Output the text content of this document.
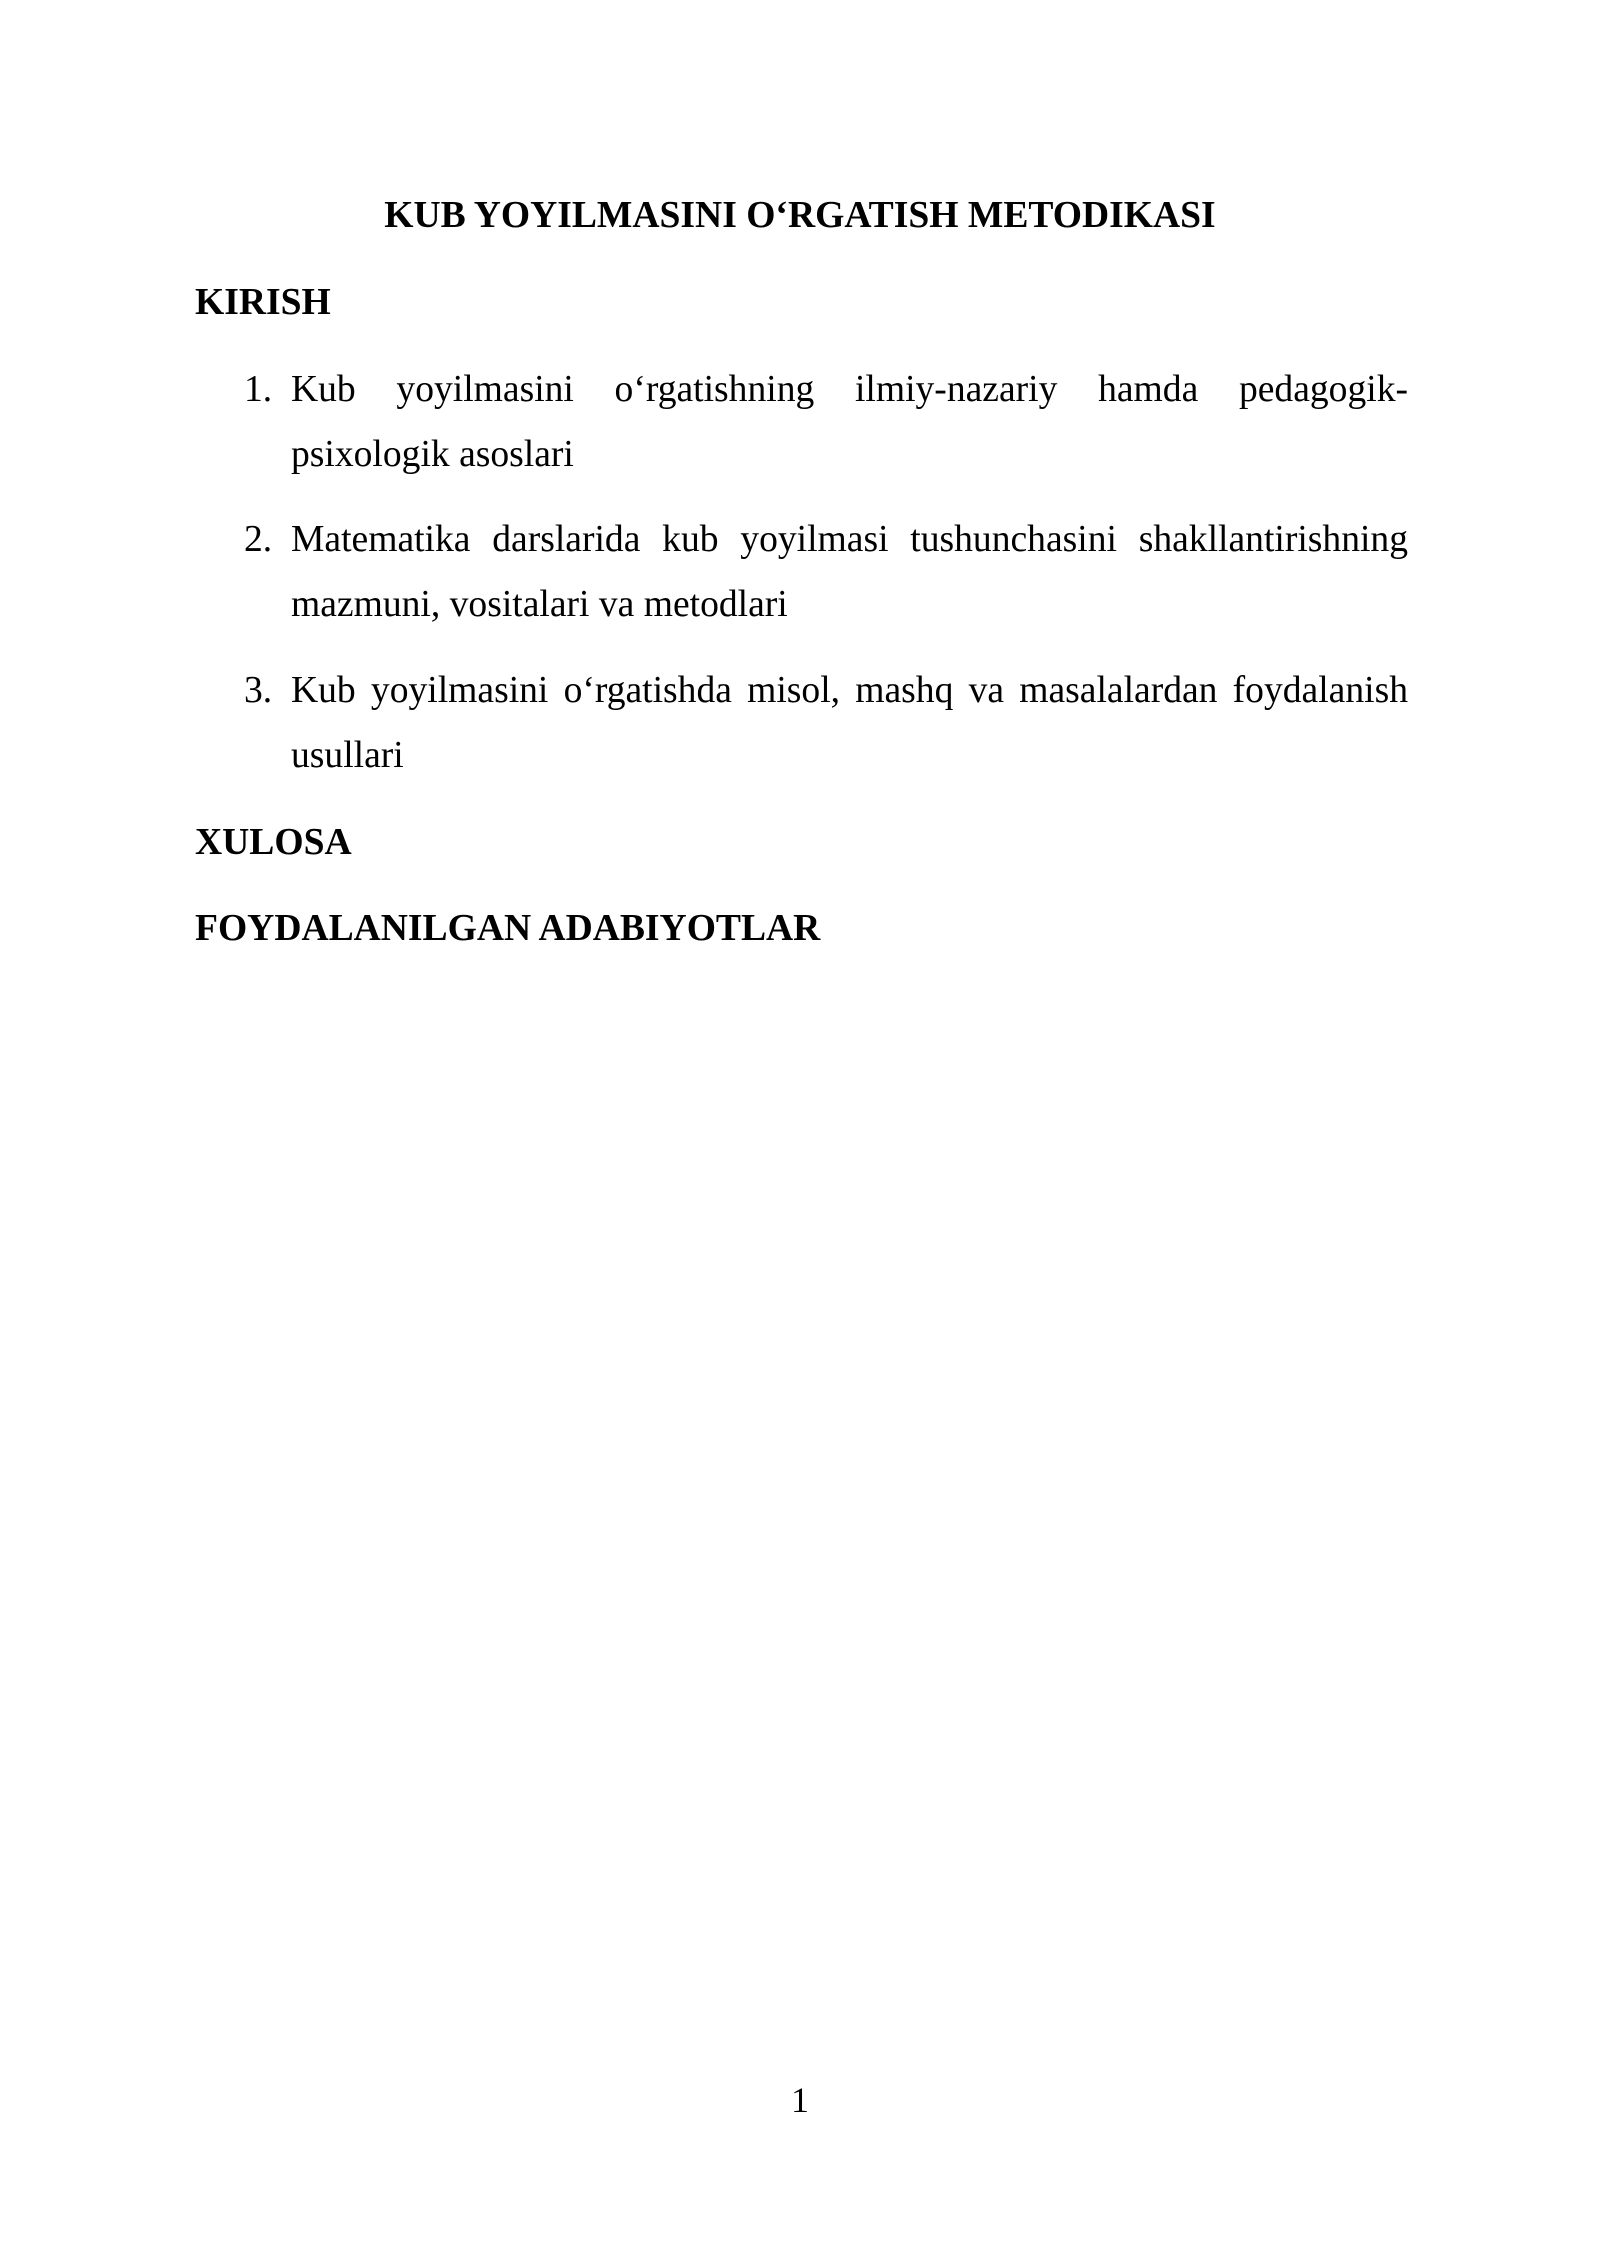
KUB YOYILMASINI O‘RGATISH METODIKASI
KIRISH
1. Kub yoyilmasini o‘rgatishning ilmiy-nazariy hamda pedagogik-psixologik asoslari
2. Matematika darslarida kub yoyilmasi tushunchasini shakllantirishning mazmuni, vositalari va metodlari
3. Kub yoyilmasini o‘rgatishda misol, mashq va masalalardan foydalanish usullari
XULOSA
FOYDALANILGAN ADABIYOTLAR
1
